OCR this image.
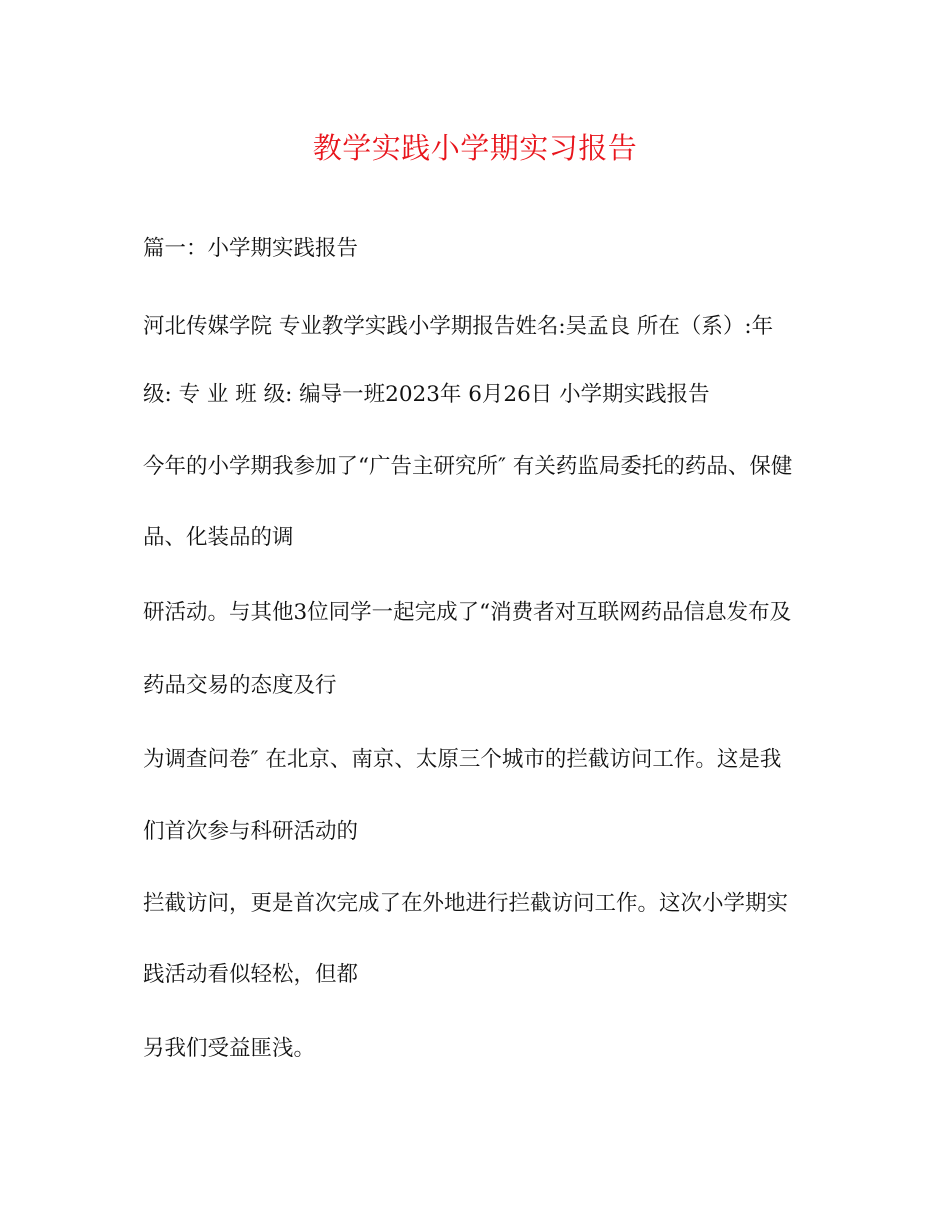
教学实践小学期实习报告
篇一：小学期实践报告
河北传媒学院 专业教学实践小学期报告姓名:吴孟良 所在（系）:年
级: 专 业 班 级: 编导一班2023年 6月26日 小学期实践报告
今年的小学期我参加了“广告主研究所″ 有关药监局委托的药品、保健
品、化装品的调
研活动。与其他3位同学一起完成了“消费者对互联网药品信息发布及
药品交易的态度及行
为调查问卷″ 在北京、南京、太原三个城市的拦截访问工作。这是我
们首次参与科研活动的
拦截访问，更是首次完成了在外地进行拦截访问工作。这次小学期实
践活动看似轻松，但都
另我们受益匪浅。
